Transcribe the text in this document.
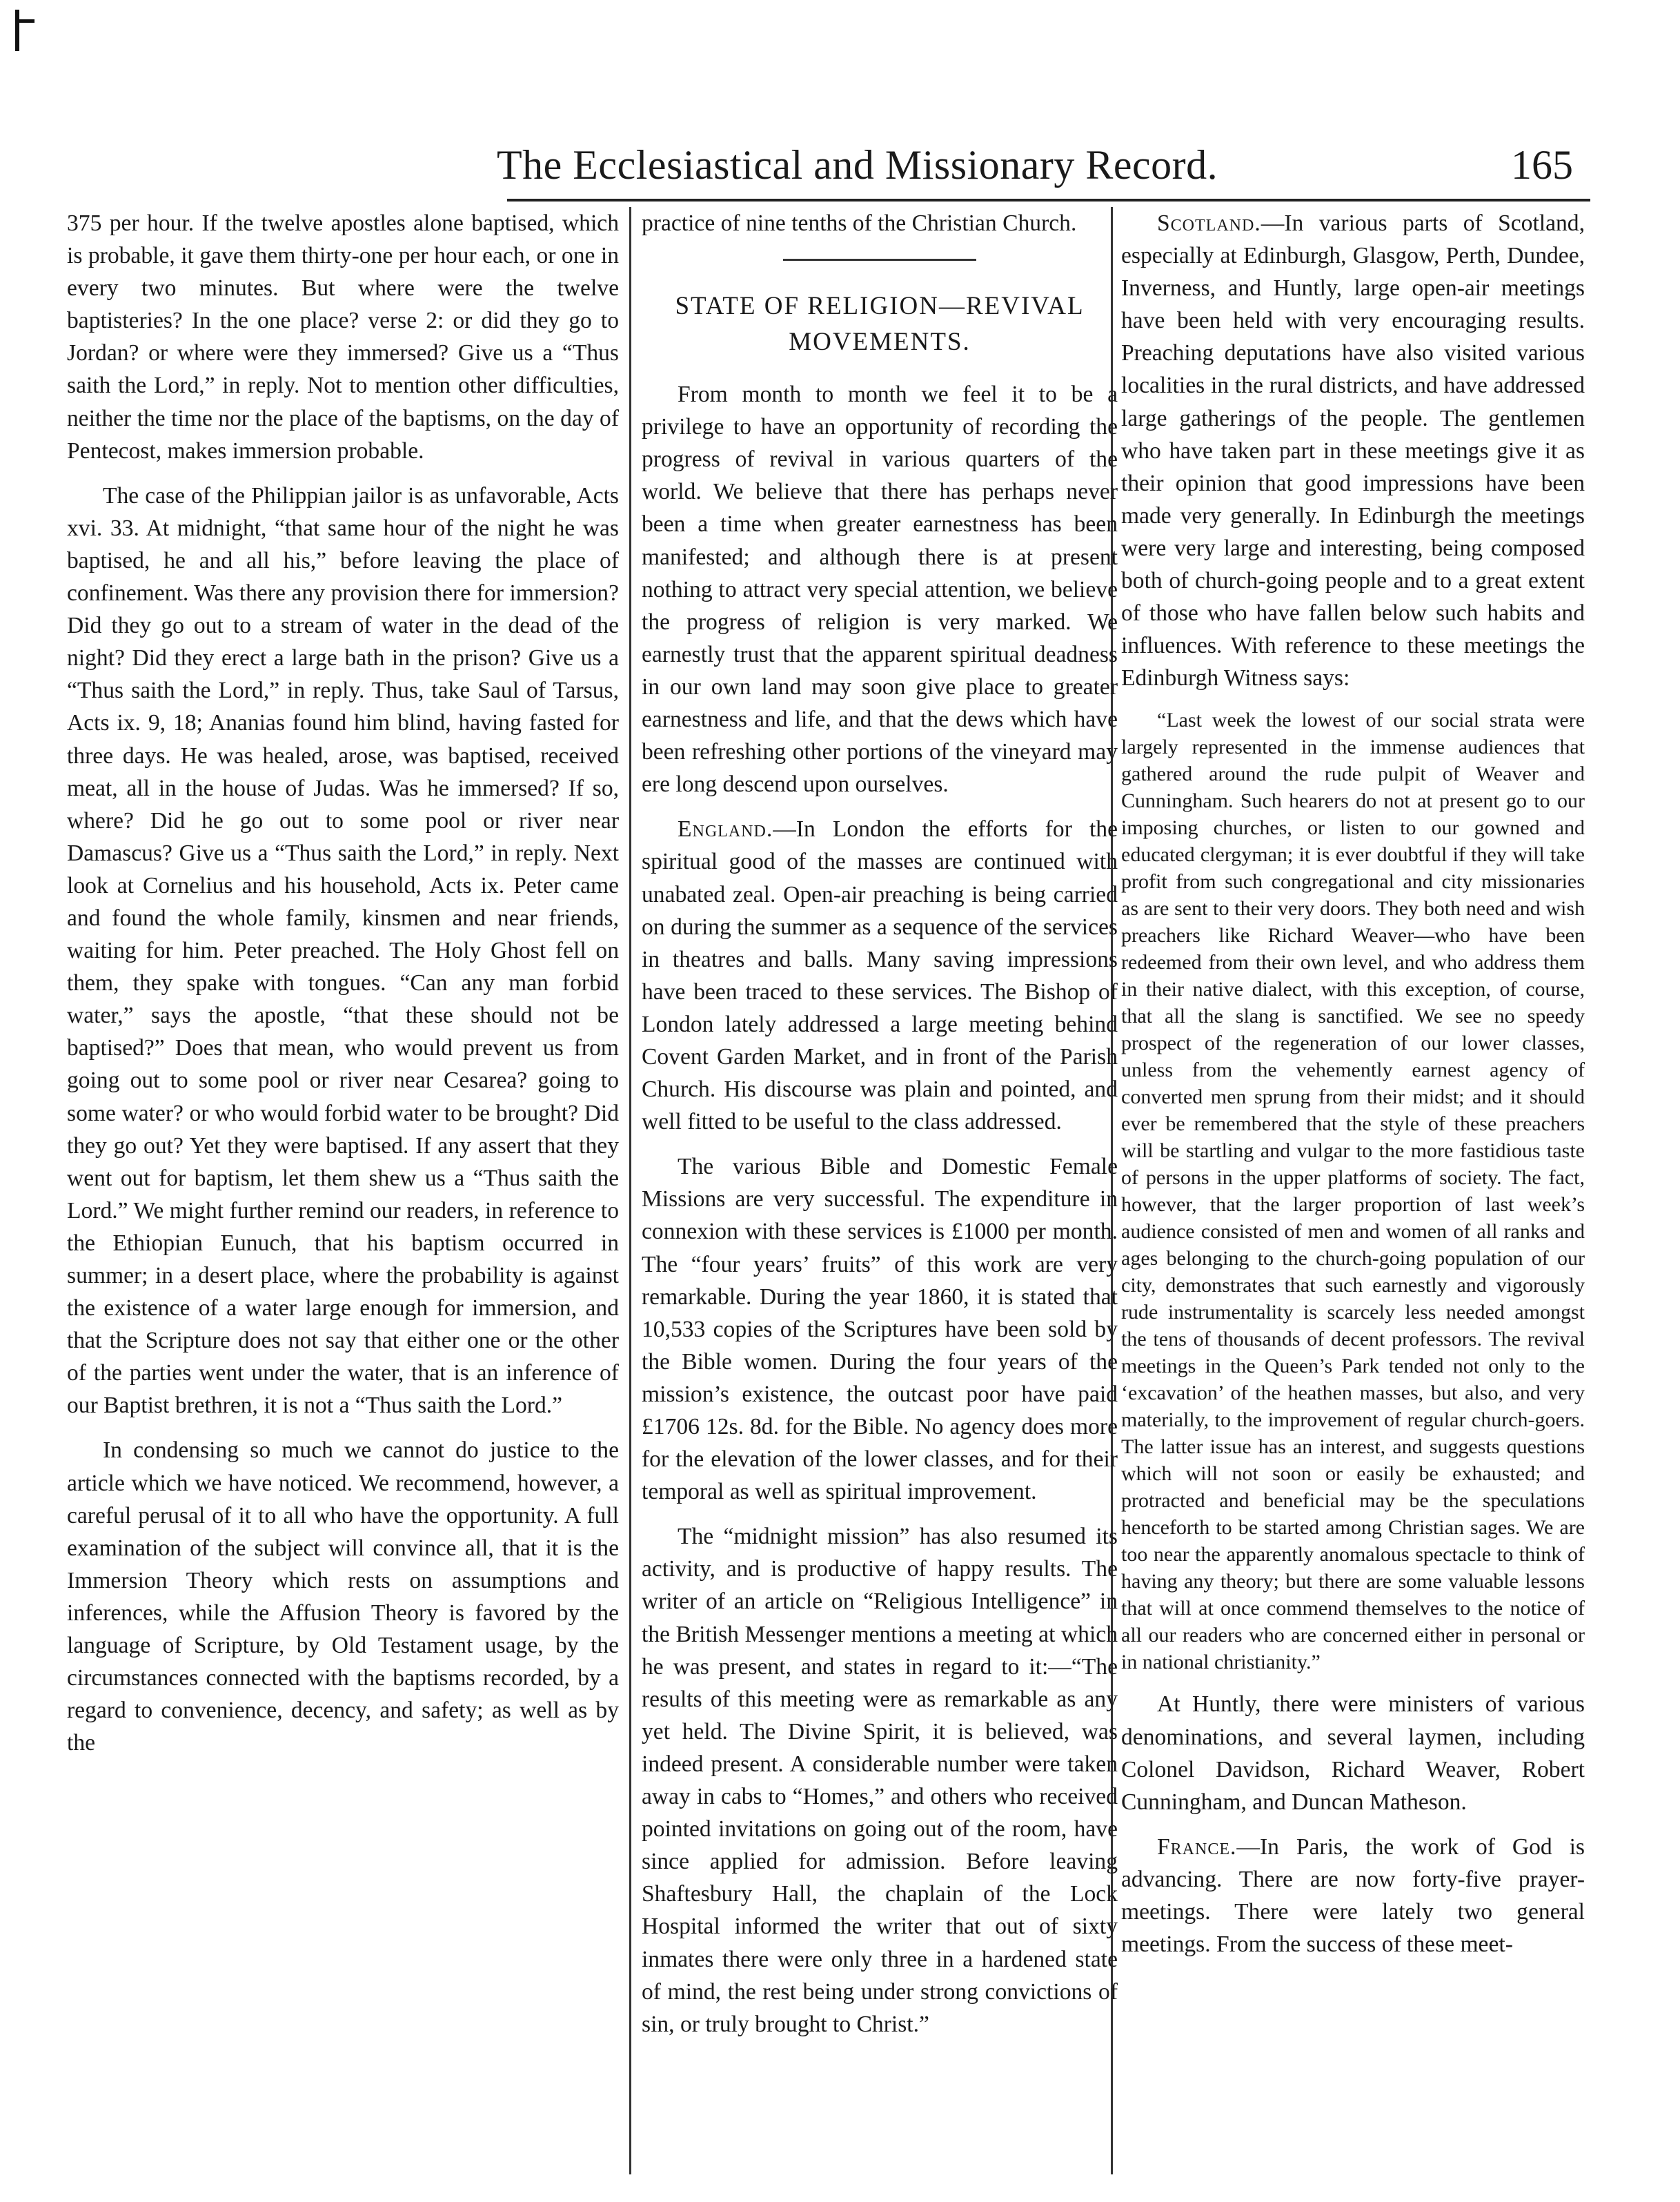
The Ecclesiastical and Missionary Record.	165

375 per hour. If the twelve apostles alone baptised, which is probable, it gave them thirty-one per hour each, or one in every two minutes. But where were the twelve baptisteries? In the one place? verse 2: or did they go to Jordan? or where were they immersed? Give us a “Thus saith the Lord,” in reply. Not to mention other difficulties, neither the time nor the place of the baptisms, on the day of Pentecost, makes immersion probable.

The case of the Philippian jailor is as unfavorable, Acts xvi. 33. At midnight, “that same hour of the night he was baptised, he and all his,” before leaving the place of confinement. Was there any provision there for immersion? Did they go out to a stream of water in the dead of the night? Did they erect a large bath in the prison? Give us a “Thus saith the Lord,” in reply. Thus, take Saul of Tarsus, Acts ix. 9, 18; Ananias found him blind, having fasted for three days. He was healed, arose, was baptised, received meat, all in the house of Judas. Was he immersed? If so, where? Did he go out to some pool or river near Damascus? Give us a “Thus saith the Lord,” in reply. Next look at Cornelius and his household, Acts ix. Peter came and found the whole family, kinsmen and near friends, waiting for him. Peter preached. The Holy Ghost fell on them, they spake with tongues. “Can any man forbid water,” says the apostle, “that these should not be baptised?” Does that mean, who would prevent us from going out to some pool or river near Cesarea? going to some water? or who would forbid water to be brought? Did they go out? Yet they were baptised. If any assert that they went out for baptism, let them shew us a “Thus saith the Lord.” We might further remind our readers, in reference to the Ethiopian Eunuch, that his baptism occurred in summer; in a desert place, where the probability is against the existence of a water large enough for immersion, and that the Scripture does not say that either one or the other of the parties went under the water, that is an inference of our Baptist brethren, it is not a “Thus saith the Lord.”

In condensing so much we cannot do justice to the article which we have noticed. We recommend, however, a careful perusal of it to all who have the opportunity. A full examination of the subject will convince all, that it is the Immersion Theory which rests on assumptions and inferences, while the Affusion Theory is favored by the language of Scripture, by Old Testament usage, by the circumstances connected with the baptisms recorded, by a regard to convenience, decency, and safety; as well as by the

practice of nine tenths of the Christian Church.

STATE OF RELIGION—REVIVAL MOVEMENTS.

From month to month we feel it to be a privilege to have an opportunity of recording the progress of revival in various quarters of the world. We believe that there has perhaps never been a time when greater earnestness has been manifested; and although there is at present nothing to attract very special attention, we believe the progress of religion is very marked. We earnestly trust that the apparent spiritual deadness in our own land may soon give place to greater earnestness and life, and that the dews which have been refreshing other portions of the vineyard may ere long descend upon ourselves.

England.—In London the efforts for the spiritual good of the masses are continued with unabated zeal. Open-air preaching is being carried on during the summer as a sequence of the services in theatres and balls. Many saving impressions have been traced to these services. The Bishop of London lately addressed a large meeting behind Covent Garden Market, and in front of the Parish Church. His discourse was plain and pointed, and well fitted to be useful to the class addressed.

The various Bible and Domestic Female Missions are very successful. The expenditure in connexion with these services is £1000 per month. The “four years’ fruits” of this work are very remarkable. During the year 1860, it is stated that 10,533 copies of the Scriptures have been sold by the Bible women. During the four years of the mission’s existence, the outcast poor have paid £1706 12s. 8d. for the Bible. No agency does more for the elevation of the lower classes, and for their temporal as well as spiritual improvement.

The “midnight mission” has also resumed its activity, and is productive of happy results. The writer of an article on “Religious Intelligence” in the British Messenger mentions a meeting at which he was present, and states in regard to it:—“The results of this meeting were as remarkable as any yet held. The Divine Spirit, it is believed, was indeed present. A considerable number were taken away in cabs to “Homes,” and others who received pointed invitations on going out of the room, have since applied for admission. Before leaving Shaftesbury Hall, the chaplain of the Lock Hospital informed the writer that out of sixty inmates there were only three in a hardened state of mind, the rest being under strong convictions of sin, or truly brought to Christ.”

Scotland.—In various parts of Scotland, especially at Edinburgh, Glasgow, Perth, Dundee, Inverness, and Huntly, large open-air meetings have been held with very encouraging results. Preaching deputations have also visited various localities in the rural districts, and have addressed large gatherings of the people. The gentlemen who have taken part in these meetings give it as their opinion that good impressions have been made very generally. In Edinburgh the meetings were very large and interesting, being composed both of church-going people and to a great extent of those who have fallen below such habits and influences. With reference to these meetings the Edinburgh Witness says:

“Last week the lowest of our social strata were largely represented in the immense audiences that gathered around the rude pulpit of Weaver and Cunningham. Such hearers do not at present go to our imposing churches, or listen to our gowned and educated clergyman; it is ever doubtful if they will take profit from such congregational and city missionaries as are sent to their very doors. They both need and wish preachers like Richard Weaver—who have been redeemed from their own level, and who address them in their native dialect, with this exception, of course, that all the slang is sanctified. We see no speedy prospect of the regeneration of our lower classes, unless from the vehemently earnest agency of converted men sprung from their midst; and it should ever be remembered that the style of these preachers will be startling and vulgar to the more fastidious taste of persons in the upper platforms of society. The fact, however, that the larger proportion of last week’s audience consisted of men and women of all ranks and ages belonging to the church-going population of our city, demonstrates that such earnestly and vigorously rude instrumentality is scarcely less needed amongst the tens of thousands of decent professors. The revival meetings in the Queen’s Park tended not only to the ‘excavation’ of the heathen masses, but also, and very materially, to the improvement of regular church-goers. The latter issue has an interest, and suggests questions which will not soon or easily be exhausted; and protracted and beneficial may be the speculations henceforth to be started among Christian sages. We are too near the apparently anomalous spectacle to think of having any theory; but there are some valuable lessons that will at once commend themselves to the notice of all our readers who are concerned either in personal or in national christianity.”

At Huntly, there were ministers of various denominations, and several laymen, including Colonel Davidson, Richard Weaver, Robert Cunningham, and Duncan Matheson.

France.—In Paris, the work of God is advancing. There are now forty-five prayer-meetings. There were lately two general meetings. From the success of these meet-
